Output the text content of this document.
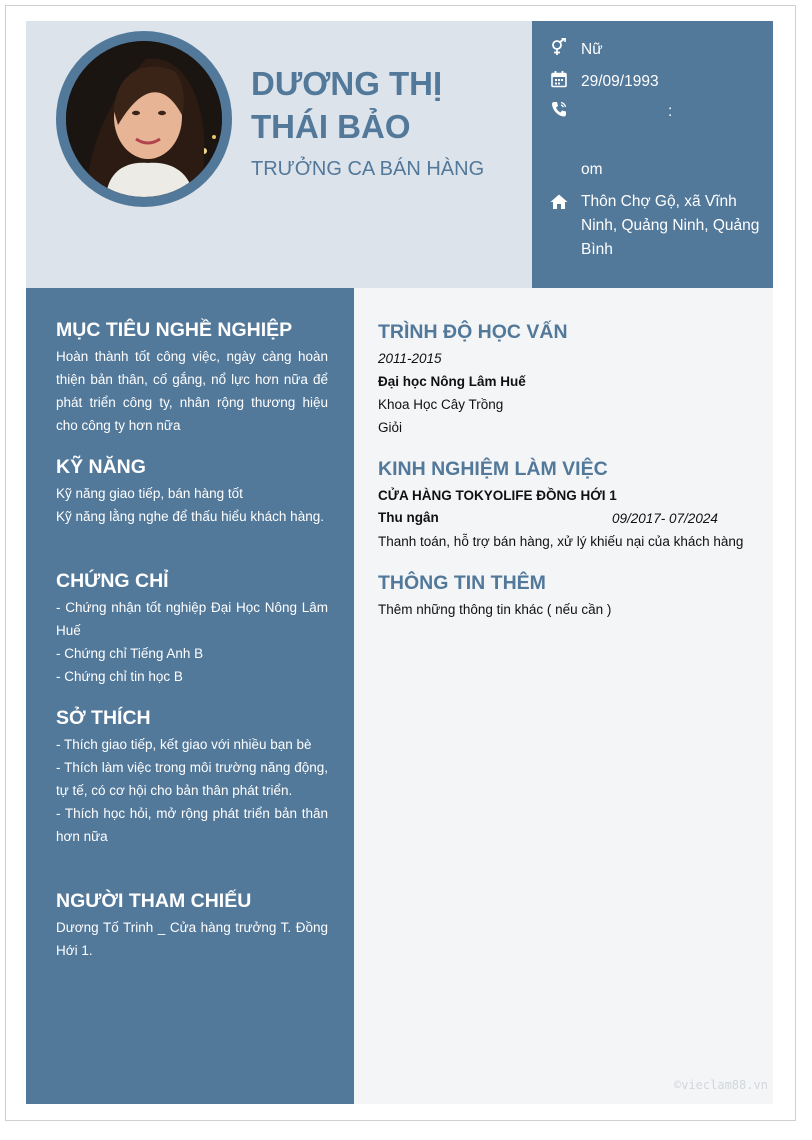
DƯƠNG THỊ
THÁI BẢO
TRƯỞNG CA BÁN HÀNG
Nữ
29/09/1993
:
om
Thôn Chợ Gộ, xã Vĩnh Ninh, Quảng Ninh, Quảng Bình
MỤC TIÊU NGHỀ NGHIỆP
Hoàn thành tốt công việc, ngày càng hoàn thiện bản thân, cố gắng, nổ lực hơn nữa để phát triển công ty, nhân rộng thương hiệu cho công ty hơn nữa
KỸ NĂNG
Kỹ năng giao tiếp, bán hàng tốt
Kỹ năng lằng nghe để thấu hiểu khách hàng.
CHỨNG CHỈ
- Chứng nhận tốt nghiệp Đại Học Nông Lâm Huế
- Chứng chỉ Tiếng Anh B
- Chứng chỉ tin học B
SỞ THÍCH
- Thích giao tiếp, kết giao với nhiều bạn bè
- Thích làm việc trong môi trường năng động, tự tế, có cơ hội cho bản thân phát triển.
- Thích học hỏi, mở rộng phát triển bản thân hơn nữa
NGƯỜI THAM CHIẾU
Dương Tố Trinh _ Cửa hàng trưởng T. Đồng Hới 1.
TRÌNH ĐỘ HỌC VẤN
2011-2015
Đại học Nông Lâm Huế
Khoa Học Cây Trồng
Giỏi
KINH NGHIỆM LÀM VIỆC
CỬA HÀNG TOKYOLIFE ĐỒNG HỚI 1
Thu ngân	09/2017- 07/2024
Thanh toán, hỗ trợ bán hàng, xử lý khiếu nại của khách hàng
THÔNG TIN THÊM
Thêm những thông tin khác ( nếu cần )
©vieclam88.vn
